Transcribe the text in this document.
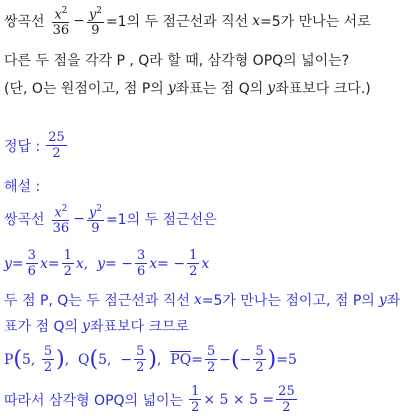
쌍곡선 $\frac{x^2}{36} - \frac{y^2}{9} =1$의 두 점근선과 직선 x =5가 만나는 서로
다른 두 점을 각각 P , Q라 할 때, 삼각형 OPQ의 넓이는?
(단, O는 원점이고, 점 P의 y 좌표는 점 Q의 y 좌표보다 크다.)
정답 : $\frac{25}{2}$
해설 :
쌍곡선 $\frac{x^2}{36} - \frac{y^2}{9} =1$의 두 점근선은
$y= \frac{3}{6} x= \frac{1}{2} x$,  $y= - \frac{3}{6} x= - \frac{1}{2}$ x
두 점 P, Q는 두 점근선과 직선 x =5가 만나는 점이고, 점 P의 y 좌
표가 점 Q의 y 좌표보다 크므로
P ( 5, $\frac{5}{2}$ ) ,  Q ( 5,  − $\frac{5}{2}$ ) ,  $PQ= \frac{5}{2}$ − ( − $\frac{5}{2}$ ) =5
따라서 삼각형 OPQ의 넓이는 $\frac{1}{2} \times 5 \times 5 = \frac{25}{2}$
